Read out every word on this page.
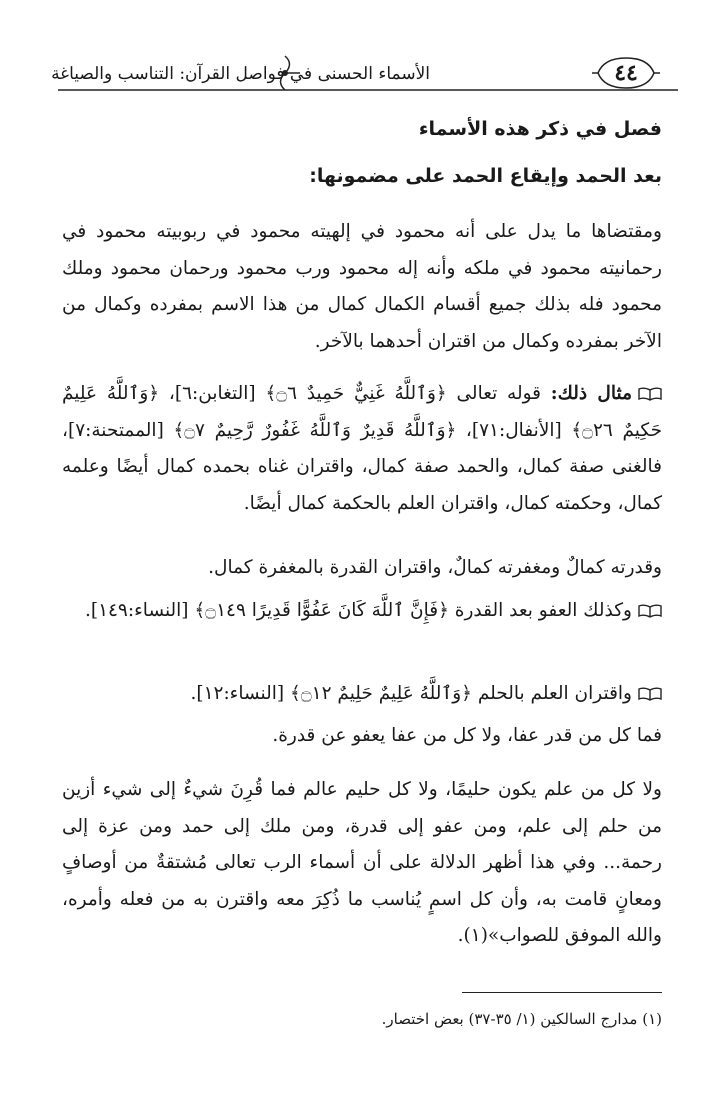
٤٤
الأسماء الحسنى في فواصل القرآن: التناسب والصياغة
فصل في ذكر هذه الأسماء
بعد الحمد وإيقاع الحمد على مضمونها:
ومقتضاها ما يدل على أنه محمود في إلهيته محمود في ربوبيته محمود في رحمانيته محمود في ملكه وأنه إله محمود ورب محمود ورحمان محمود وملك محمود فله بذلك جميع أقسام الكمال كمال من هذا الاسم بمفرده وكمال من الآخر بمفرده وكمال من اقتران أحدهما بالآخر.
مثال ذلك: قوله تعالى ﴿وَٱللَّهُ غَنِيٌّ حَمِيدٌ ۝٦﴾ [التغابن:٦]، ﴿وَٱللَّهُ عَلِيمٌ حَكِيمٌ ۝٢٦﴾ [الأنفال:٧١]، ﴿وَٱللَّهُ قَدِيرٌ وَٱللَّهُ غَفُورٌ رَّحِيمٌ ۝٧﴾ [الممتحنة:٧]، فالغنى صفة كمال، والحمد صفة كمال، واقتران غناه بحمده كمال أيضًا وعلمه كمال، وحكمته كمال، واقتران العلم بالحكمة كمال أيضًا.
وقدرته كمالٌ ومغفرته كمالٌ، واقتران القدرة بالمغفرة كمال.
وكذلك العفو بعد القدرة ﴿فَإِنَّ ٱللَّهَ كَانَ عَفُوًّا قَدِيرًا ۝١٤٩﴾ [النساء:١٤٩].
واقتران العلم بالحلم ﴿وَٱللَّهُ عَلِيمٌ حَلِيمٌ ۝١٢﴾ [النساء:١٢].
فما كل من قدر عفا، ولا كل من عفا يعفو عن قدرة.
ولا كل من علم يكون حليمًا، ولا كل حليم عالم فما قُرِنَ شيءٌ إلى شيء أزين من حلم إلى علم، ومن عفو إلى قدرة، ومن ملك إلى حمد ومن عزة إلى رحمة... وفي هذا أظهر الدلالة على أن أسماء الرب تعالى مُشتقةٌ من أوصافٍ ومعانٍ قامت به، وأن كل اسمٍ يُناسب ما ذُكِرَ معه واقترن به من فعله وأمره، والله الموفق للصواب»(١).
(١) مدارج السالكين (١/ ٣٥-٣٧) بعض اختصار.
